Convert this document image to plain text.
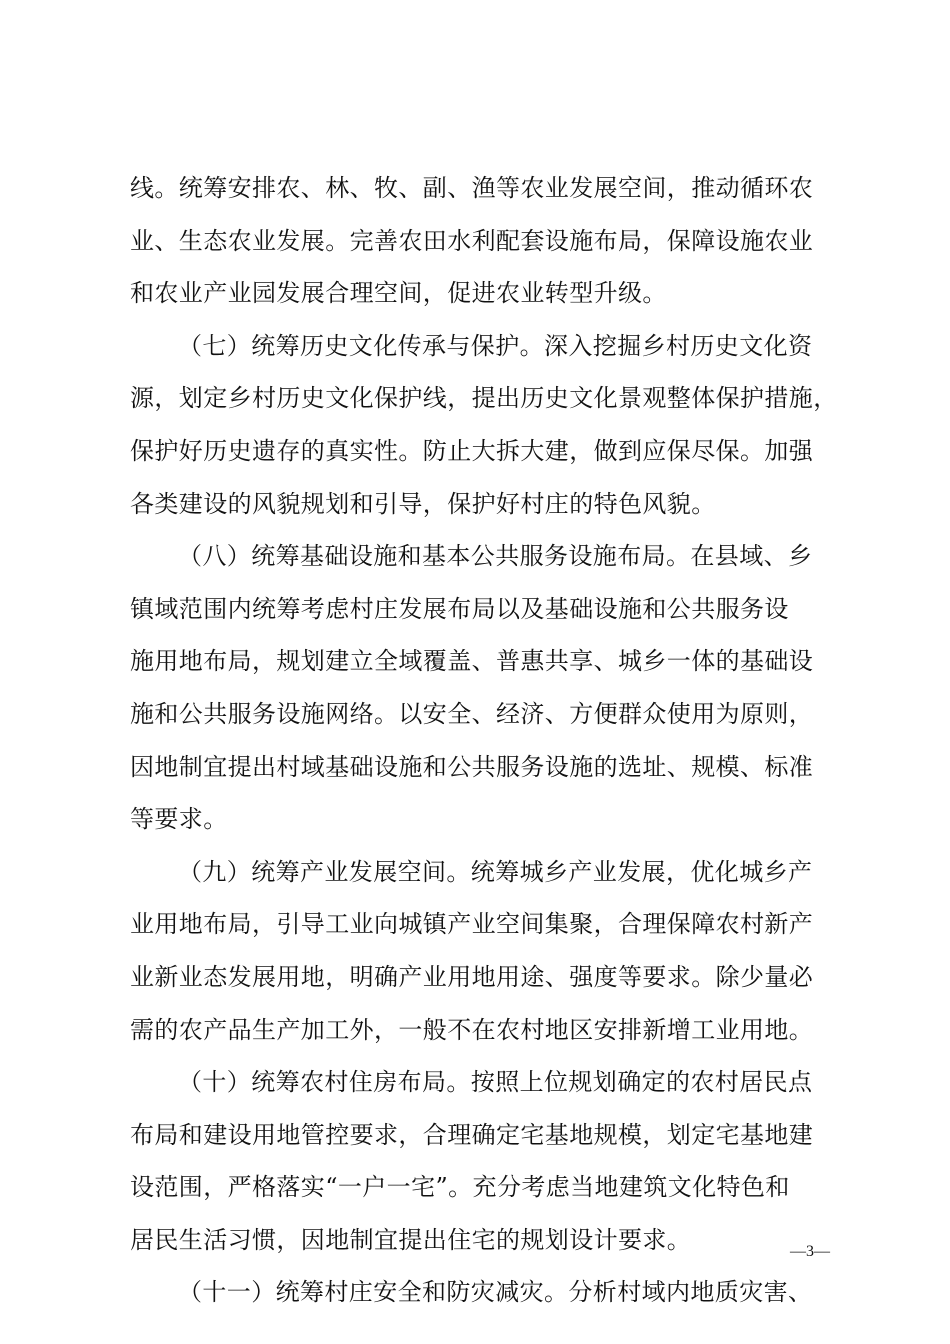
线。统筹安排农、林、牧、副、渔等农业发展空间，推动循环农
业、生态农业发展。完善农田水利配套设施布局，保障设施农业
和农业产业园发展合理空间，促进农业转型升级。
（七）统筹历史文化传承与保护。深入挖掘乡村历史文化资
源，划定乡村历史文化保护线，提出历史文化景观整体保护措施，
保护好历史遗存的真实性。防止大拆大建，做到应保尽保。加强
各类建设的风貌规划和引导，保护好村庄的特色风貌。
（八）统筹基础设施和基本公共服务设施布局。在县域、乡
镇域范围内统筹考虑村庄发展布局以及基础设施和公共服务设
施用地布局，规划建立全域覆盖、普惠共享、城乡一体的基础设
施和公共服务设施网络。以安全、经济、方便群众使用为原则，
因地制宜提出村域基础设施和公共服务设施的选址、规模、标准
等要求。
（九）统筹产业发展空间。统筹城乡产业发展，优化城乡产
业用地布局，引导工业向城镇产业空间集聚，合理保障农村新产
业新业态发展用地，明确产业用地用途、强度等要求。除少量必
需的农产品生产加工外，一般不在农村地区安排新增工业用地。
（十）统筹农村住房布局。按照上位规划确定的农村居民点
布局和建设用地管控要求，合理确定宅基地规模，划定宅基地建
设范围，严格落实“一户一宅”。充分考虑当地建筑文化特色和
居民生活习惯，因地制宜提出住宅的规划设计要求。
（十一）统筹村庄安全和防灾减灾。分析村域内地质灾害、
—3—
